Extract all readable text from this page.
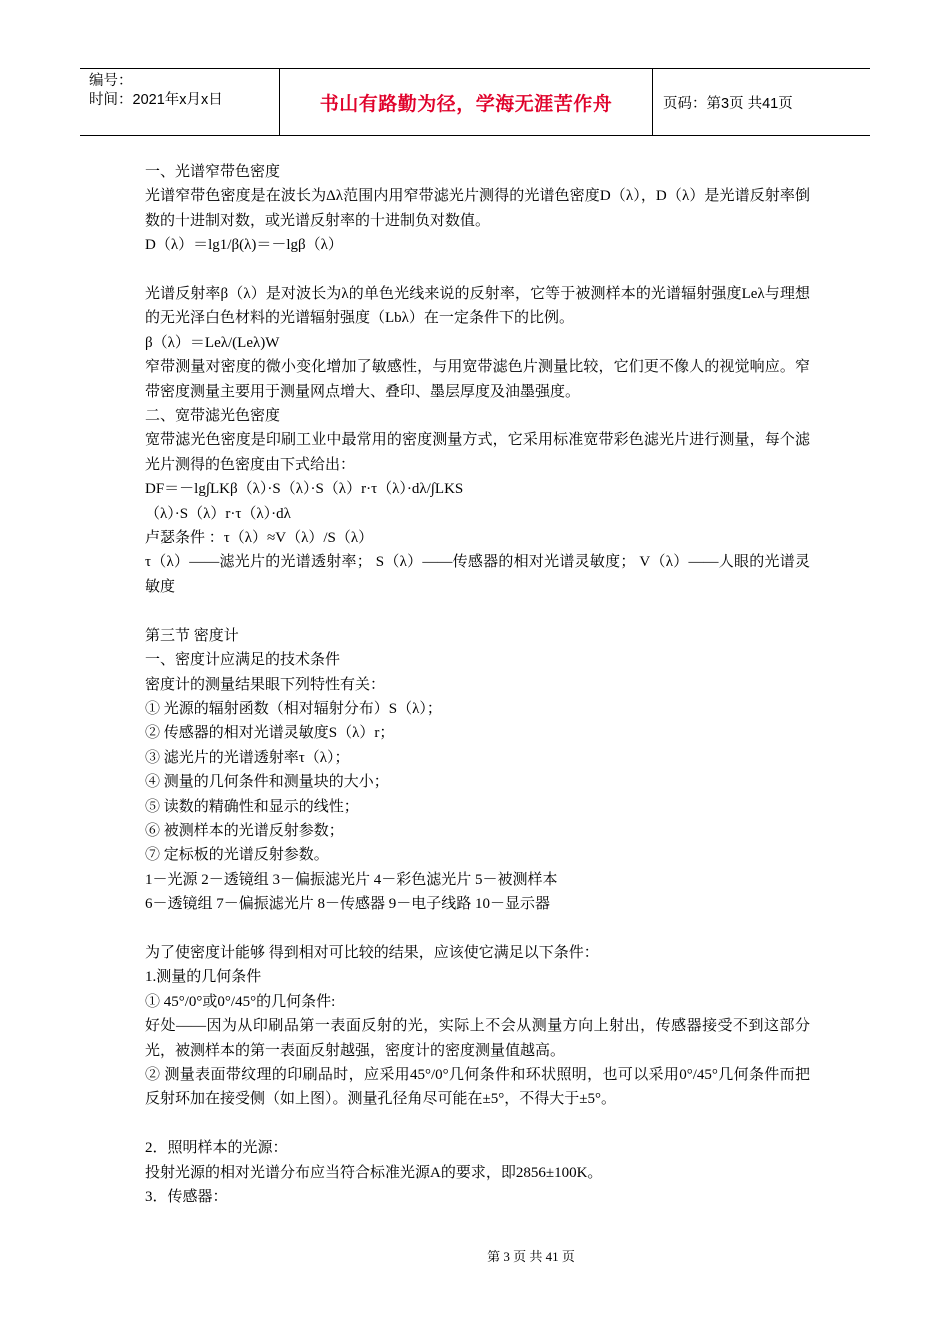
编号：
时间：2021年x月x日	书山有路勤为径，学海无涯苦作舟	页码：第3页 共41页

一、光谱窄带色密度

光谱窄带色密度是在波长为Δλ范围内用窄带滤光片测得的光谱色密度D（λ），D（λ）是光谱反射率倒数的十进制对数，或光谱反射率的十进制负对数值。

D（λ）＝lg1/β(λ)＝－lgβ（λ）

光谱反射率β（λ）是对波长为λ的单色光线来说的反射率，它等于被测样本的光谱辐射强度Leλ与理想的无光泽白色材料的光谱辐射强度（Lbλ）在一定条件下的比例。

β（λ）＝Leλ/(Leλ)W

窄带测量对密度的微小变化增加了敏感性，与用宽带滤色片测量比较，它们更不像人的视觉响应。窄带密度测量主要用于测量网点增大、叠印、墨层厚度及油墨强度。

二、宽带滤光色密度

宽带滤光色密度是印刷工业中最常用的密度测量方式，它采用标准宽带彩色滤光片进行测量，每个滤光片测得的色密度由下式给出：

DF＝－lg∫LKβ（λ）·S（λ）·S（λ）r·τ（λ）·dλ/∫LKS

（λ）·S（λ）r·τ（λ）·dλ

卢瑟条件 ：τ（λ）≈V（λ）/S（λ）

τ（λ）——滤光片的光谱透射率； S（λ）——传感器的相对光谱灵敏度； V（λ）——人眼的光谱灵敏度

第三节 密度计

一、密度计应满足的技术条件

密度计的测量结果眼下列特性有关：

① 光源的辐射函数（相对辐射分布）S（λ）；

② 传感器的相对光谱灵敏度S（λ）r；

③ 滤光片的光谱透射率τ（λ）；

④ 测量的几何条件和测量块的大小；

⑤ 读数的精确性和显示的线性；

⑥ 被测样本的光谱反射参数；

⑦ 定标板的光谱反射参数。

1－光源 2－透镜组 3－偏振滤光片 4－彩色滤光片 5－被测样本

6－透镜组 7－偏振滤光片 8－传感器 9－电子线路 10－显示器

为了使密度计能够 得到相对可比较的结果，应该使它满足以下条件：

1.测量的几何条件

① 45°/0°或0°/45°的几何条件:

好处——因为从印刷品第一表面反射的光，实际上不会从测量方向上射出，传感器接受不到这部分光，被测样本的第一表面反射越强，密度计的密度测量值越高。

② 测量表面带纹理的印刷品时，应采用45°/0°几何条件和环状照明，也可以采用0°/45°几何条件而把反射环加在接受侧（如上图）。测量孔径角尽可能在±5°，不得大于±5°。

2．照明样本的光源：

投射光源的相对光谱分布应当符合标准光源A的要求，即2856±100K。

3．传感器：

第 3 页 共 41 页
